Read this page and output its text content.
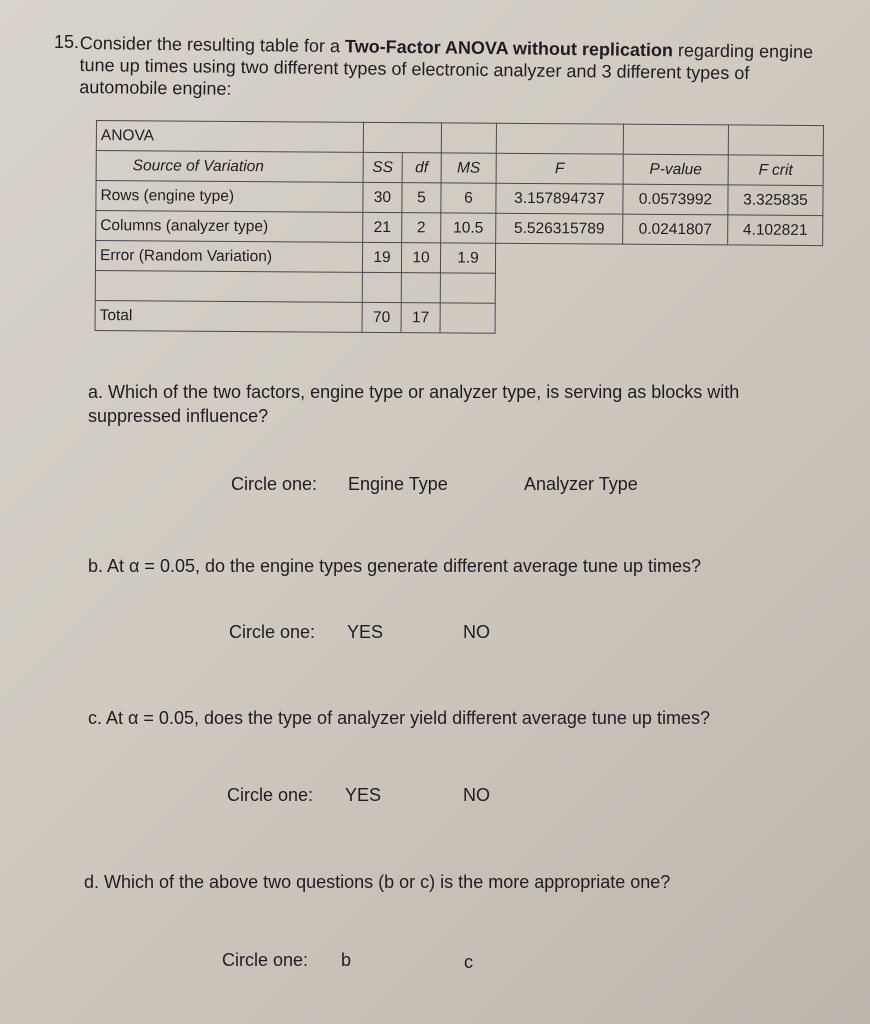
15. Consider the resulting table for a Two-Factor ANOVA without replication regarding engine tune up times using two different types of electronic analyzer and 3 different types of automobile engine:
ANOVA						
Source of Variation	SS	df	MS	F	P-value	F crit
Rows (engine type)	30	5	6	3.157894737	0.0573992	3.325835
Columns (analyzer type)	21	2	10.5	5.526315789	0.0241807	4.102821
Error (Random Variation)	19	10	1.9			

Total	70	17				
a. Which of the two factors, engine type or analyzer type, is serving as blocks with suppressed influence?
Circle one: Engine Type	Analyzer Type
b. At α = 0.05, do the engine types generate different average tune up times?
Circle one: YES	NO
c. At α = 0.05, does the type of analyzer yield different average tune up times?
Circle one: YES	NO
d. Which of the above two questions (b or c) is the more appropriate one?
Circle one: b	c
